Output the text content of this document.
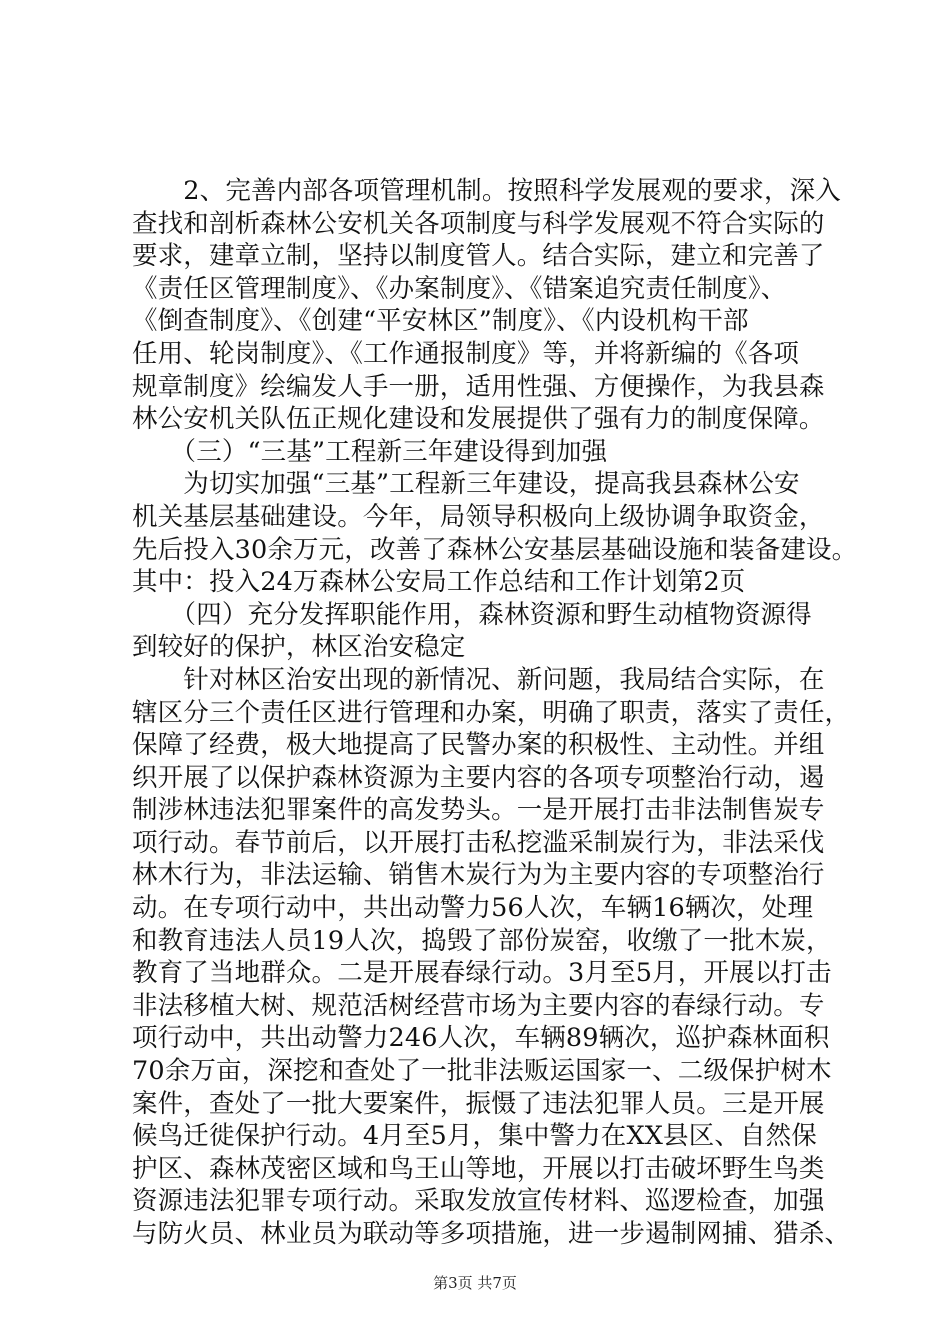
　　2、完善内部各项管理机制。按照科学发展观的要求，深入
查找和剖析森林公安机关各项制度与科学发展观不符合实际的
要求，建章立制，坚持以制度管人。结合实际，建立和完善了
《责任区管理制度》、《办案制度》、《错案追究责任制度》、
《倒查制度》、《创建“平安林区”制度》、《内设机构干部
任用、轮岗制度》、《工作通报制度》等，并将新编的《各项
规章制度》绘编发人手一册，适用性强、方便操作，为我县森
林公安机关队伍正规化建设和发展提供了强有力的制度保障。
　　（三）“三基”工程新三年建设得到加强
　　为切实加强“三基”工程新三年建设，提高我县森林公安
机关基层基础建设。今年，局领导积极向上级协调争取资金，
先后投入30余万元，改善了森林公安基层基础设施和装备建设。
其中：投入24万森林公安局工作总结和工作计划第2页
　　（四）充分发挥职能作用，森林资源和野生动植物资源得
到较好的保护，林区治安稳定
　　针对林区治安出现的新情况、新问题，我局结合实际，在
辖区分三个责任区进行管理和办案，明确了职责，落实了责任，
保障了经费，极大地提高了民警办案的积极性、主动性。并组
织开展了以保护森林资源为主要内容的各项专项整治行动，遏
制涉林违法犯罪案件的高发势头。一是开展打击非法制售炭专
项行动。春节前后，以开展打击私挖滥采制炭行为，非法采伐
林木行为，非法运输、销售木炭行为为主要内容的专项整治行
动。在专项行动中，共出动警力56人次，车辆16辆次，处理
和教育违法人员19人次，捣毁了部份炭窑，收缴了一批木炭，
教育了当地群众。二是开展春绿行动。3月至5月，开展以打击
非法移植大树、规范活树经营市场为主要内容的春绿行动。专
项行动中，共出动警力246人次，车辆89辆次，巡护森林面积
70余万亩，深挖和查处了一批非法贩运国家一、二级保护树木
案件，查处了一批大要案件，振慑了违法犯罪人员。三是开展
候鸟迁徙保护行动。4月至5月，集中警力在XX县区、自然保
护区、森林茂密区域和鸟王山等地，开展以打击破坏野生鸟类
资源违法犯罪专项行动。采取发放宣传材料、巡逻检查，加强
与防火员、林业员为联动等多项措施，进一步遏制网捕、猎杀、
第3页 共7页
